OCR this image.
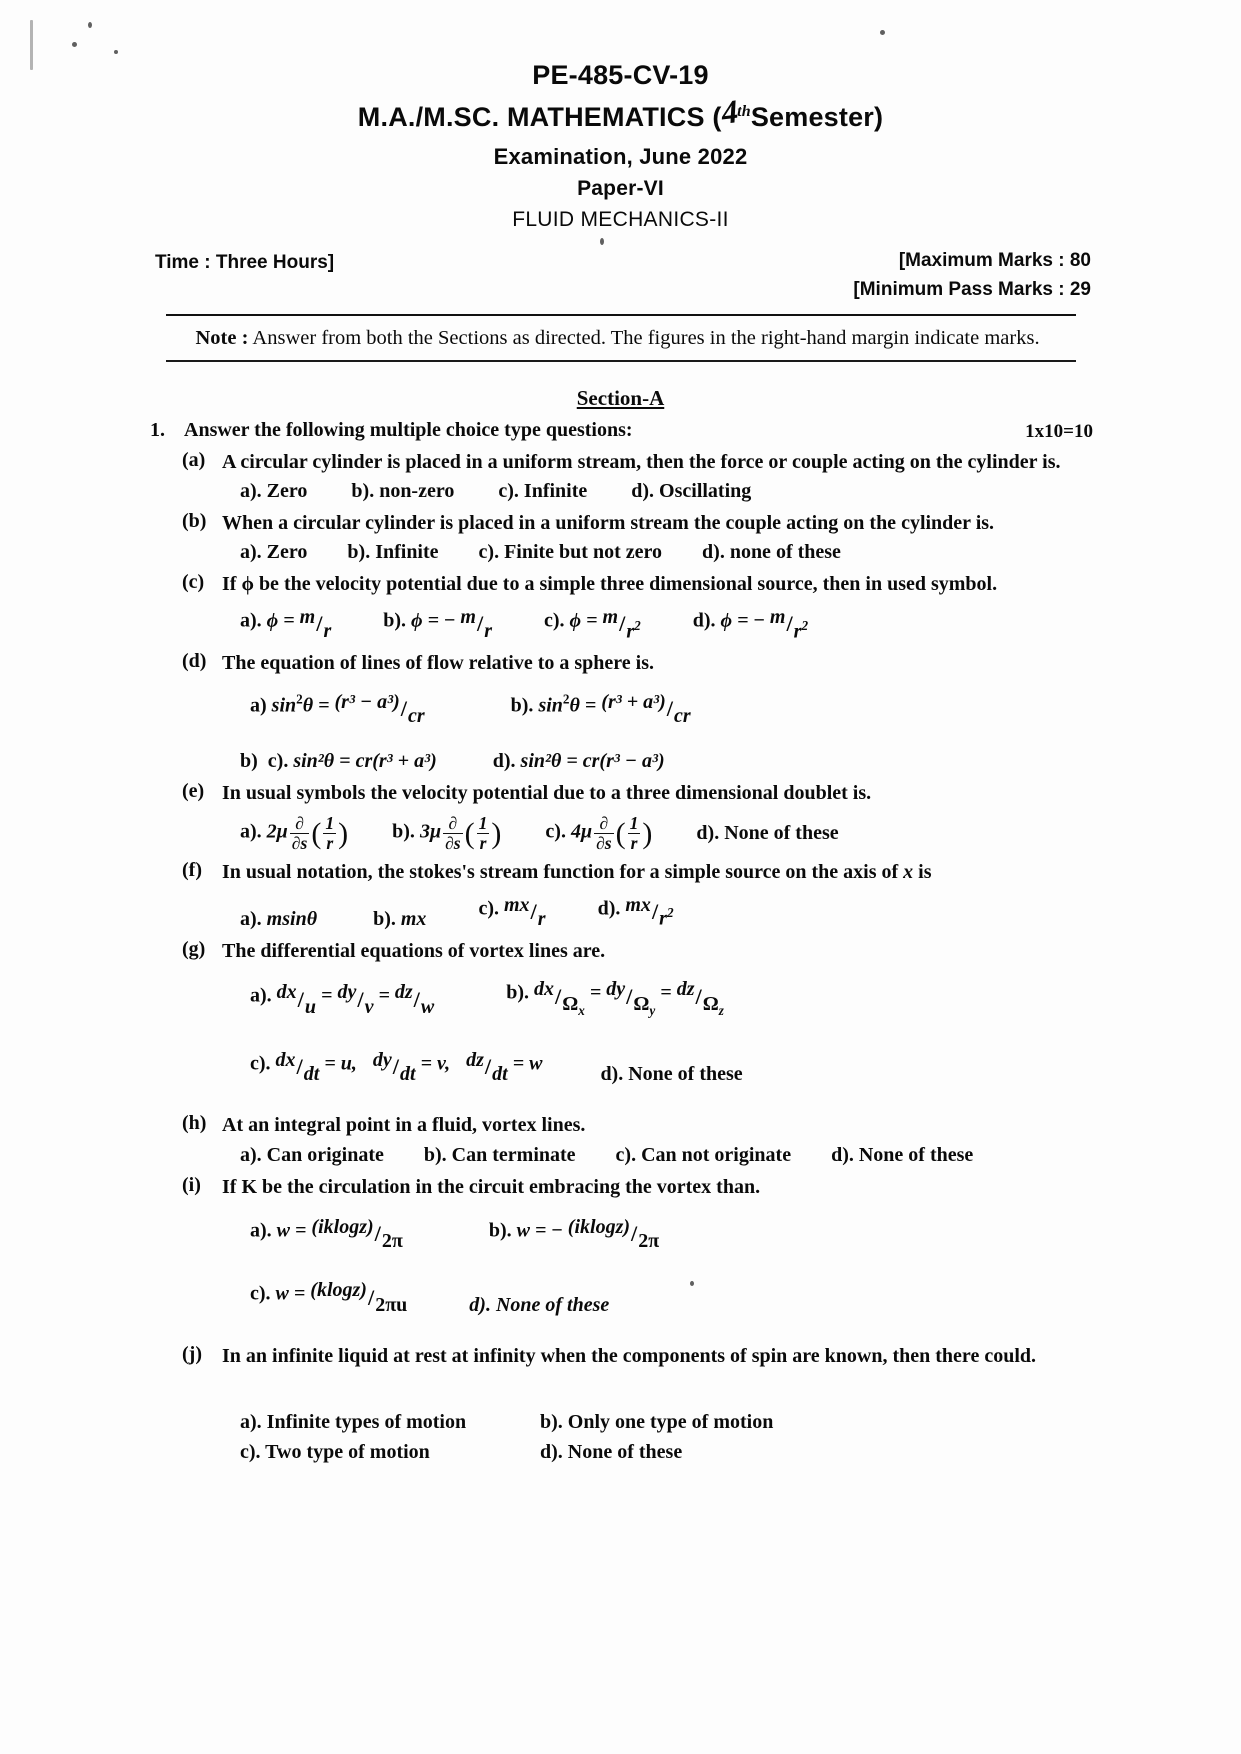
PE-485-CV-19
M.A./M.SC. MATHEMATICS (4thSemester)
Examination, June 2022
Paper-VI
FLUID MECHANICS-II
Time : Three Hours]	[Maximum Marks : 80
[Minimum Pass Marks : 29
Note : Answer from both the Sections as directed. The figures in the right-hand margin indicate marks.
Section-A
1. Answer the following multiple choice type questions:	1x10=10
(a) A circular cylinder is placed in a uniform stream, then the force or couple acting on the cylinder is.
a). Zero b). non-zero c). Infinite d). Oscillating
(b) When a circular cylinder is placed in a uniform stream the couple acting on the cylinder is.
a). Zero b). Infinite c). Finite but not zero d). none of these
(c) If ϕ be the velocity potential due to a simple three dimensional source, then in used symbol.
a). ϕ = m/r	b). ϕ = − m/r	c). $\phi = m/r^2$	d). ϕ = − $m/r^2$
(d) The equation of lines of flow relative to a sphere is.
a) $\sin^2\theta = (r^3 - a^3)/cr$	b). $\sin^2\theta = (r^3 + a^3)/cr$
b) c). sin²θ = cr(r³ + a³)	d). sin²θ = cr(r³ − a³)
(e) In usual symbols the velocity potential due to a three dimensional doublet is.
a). 2μ ∂
∂s ( $\frac{1}{r}$ ) b). 3μ ∂
∂s ( $\frac{1}{r}$ ) c). 4μ ∂
∂s ( $\frac{1}{r}$ ) d). None of these
(f)	In usual notation, the stokes's stream function for a simple source on the axis of x is
a). msinθ	b). mx	c). mx/r	d). $mx/r^2$
(g) The differential equations of vortex lines are.
a). dx/u = dy/v = dz/w
b). $dx/\Omega_x = dy/\Omega_y = dz/\Omega_z$
c). dx/dt = u, dy/dt = v, dz/dt = w	d). None of these
(h) At an integral point in a fluid, vortex lines.
a). Can originate b). Can terminate c). Can not originate d). None of these
(i)	If K be the circulation in the circuit embracing the vortex than.
a). w = (iklogz)/2π	b). w = − (iklogz)/2π
c). w = (klogz)/2πu	d). None of these
(j)	In an infinite liquid at rest at infinity when the components of spin are known, then there could.
a). Infinite types of motion	b). Only one type of motion
c). Two type of motion	d). None of these
